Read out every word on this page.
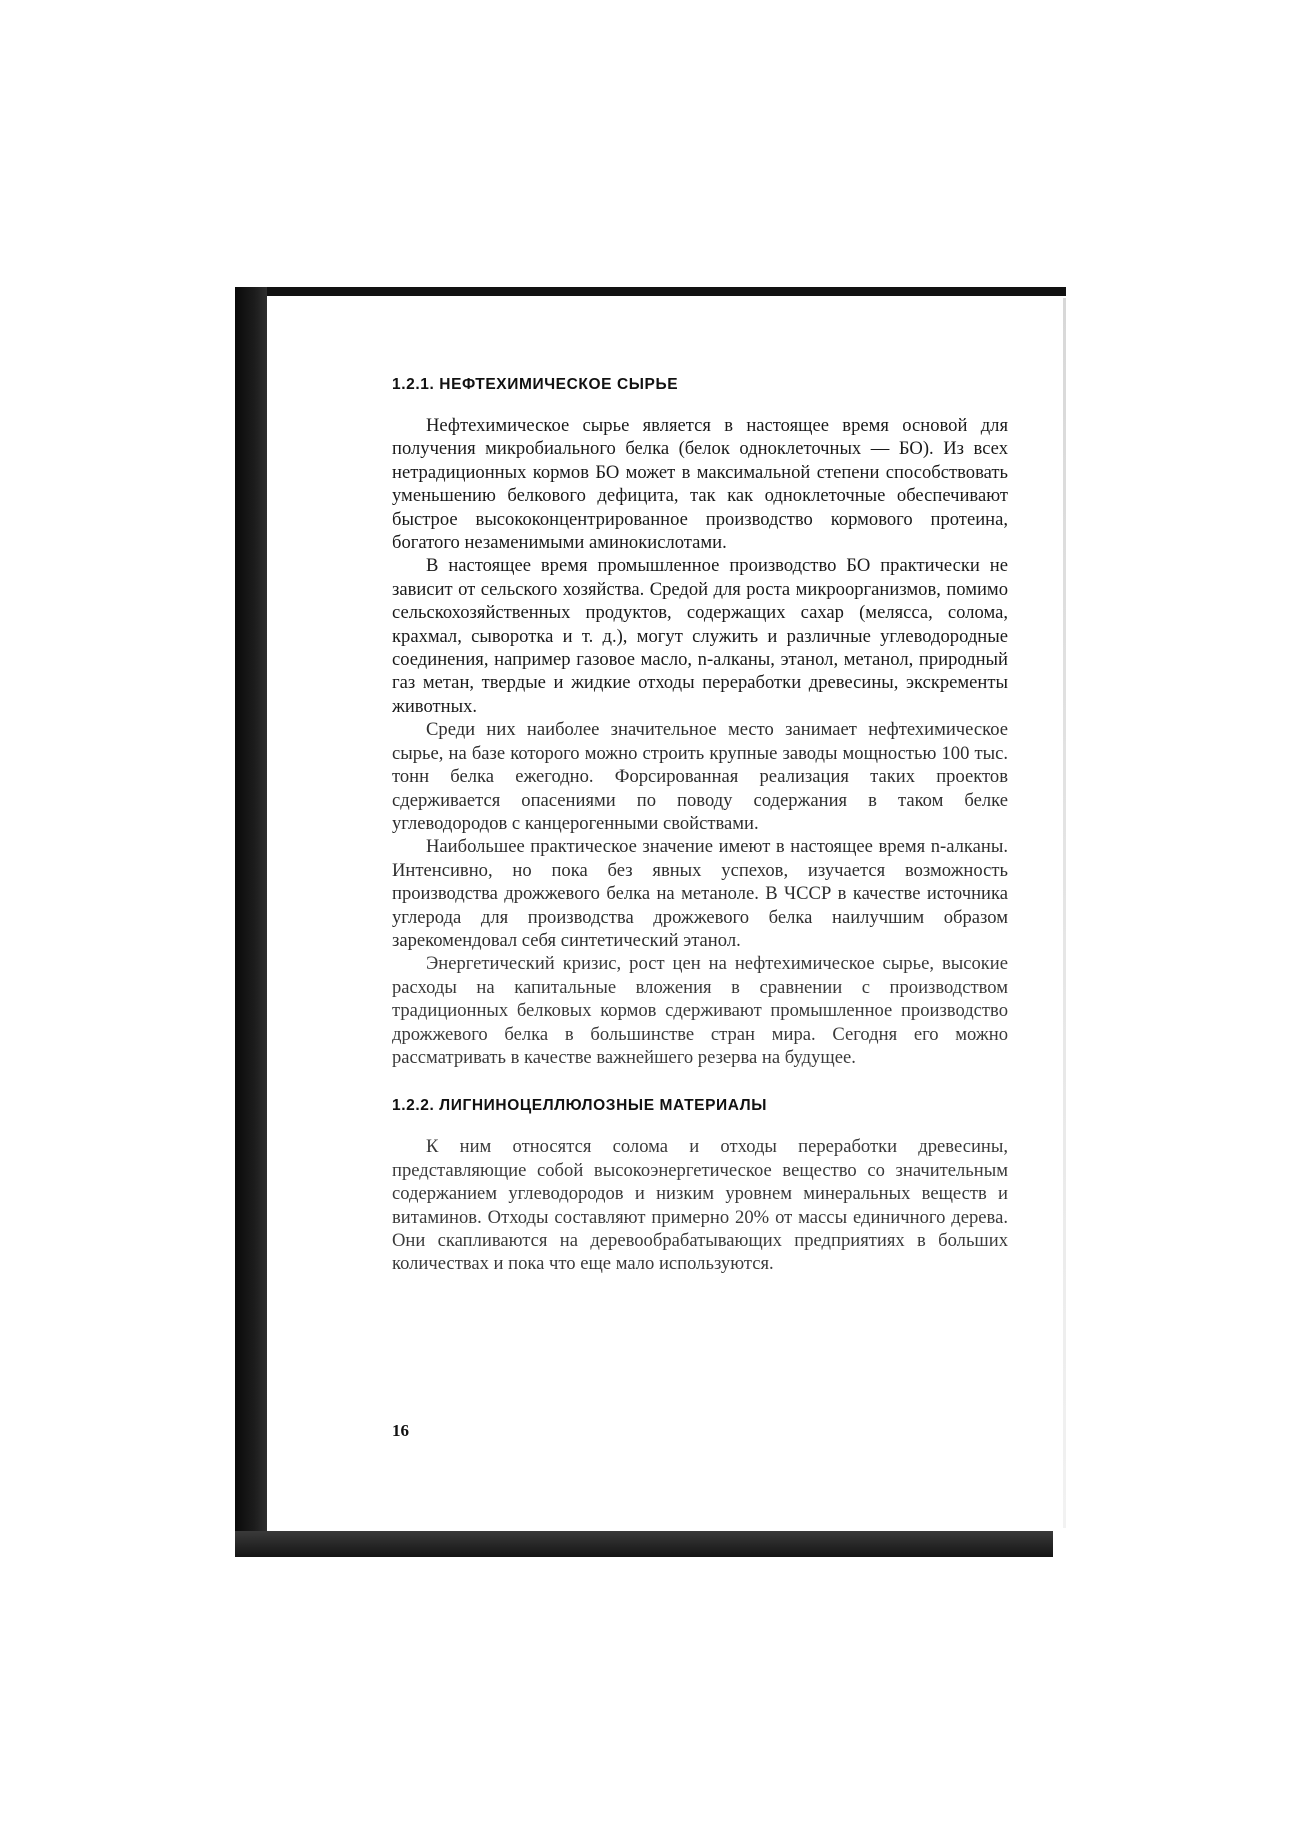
1.2.1. НЕФТЕХИМИЧЕСКОЕ СЫРЬЕ

Нефтехимическое сырье является в настоящее время основой для получения микробиального белка (белок одноклеточных — БО). Из всех нетрадиционных кормов БО может в максимальной степени способствовать уменьшению белкового дефицита, так как одноклеточные обеспечивают быстрое высококонцентрированное производство кормового протеина, богатого незаменимыми аминокислотами.

В настоящее время промышленное производство БО практически не зависит от сельского хозяйства. Средой для роста микроорганизмов, помимо сельскохозяйственных продуктов, содержащих сахар (мелясса, солома, крахмал, сыворотка и т. д.), могут служить и различные углеводородные соединения, например газовое масло, n-алканы, этанол, метанол, природный газ метан, твердые и жидкие отходы переработки древесины, экскременты животных.

Среди них наиболее значительное место занимает нефтехимическое сырье, на базе которого можно строить крупные заводы мощностью 100 тыс. тонн белка ежегодно. Форсированная реализация таких проектов сдерживается опасениями по поводу содержания в таком белке углеводородов с канцерогенными свойствами.

Наибольшее практическое значение имеют в настоящее время n-алканы. Интенсивно, но пока без явных успехов, изучается возможность производства дрожжевого белка на метаноле. В ЧССР в качестве источника углерода для производства дрожжевого белка наилучшим образом зарекомендовал себя синтетический этанол.

Энергетический кризис, рост цен на нефтехимическое сырье, высокие расходы на капитальные вложения в сравнении с производством традиционных белковых кормов сдерживают промышленное производство дрожжевого белка в большинстве стран мира. Сегодня его можно рассматривать в качестве важнейшего резерва на будущее.

1.2.2. ЛИГНИНОЦЕЛЛЮЛОЗНЫЕ МАТЕРИАЛЫ

К ним относятся солома и отходы переработки древесины, представляющие собой высокоэнергетическое вещество со значительным содержанием углеводородов и низким уровнем минеральных веществ и витаминов. Отходы составляют примерно 20% от массы единичного дерева. Они скапливаются на деревообрабатывающих предприятиях в больших количествах и пока что еще мало используются.

16
